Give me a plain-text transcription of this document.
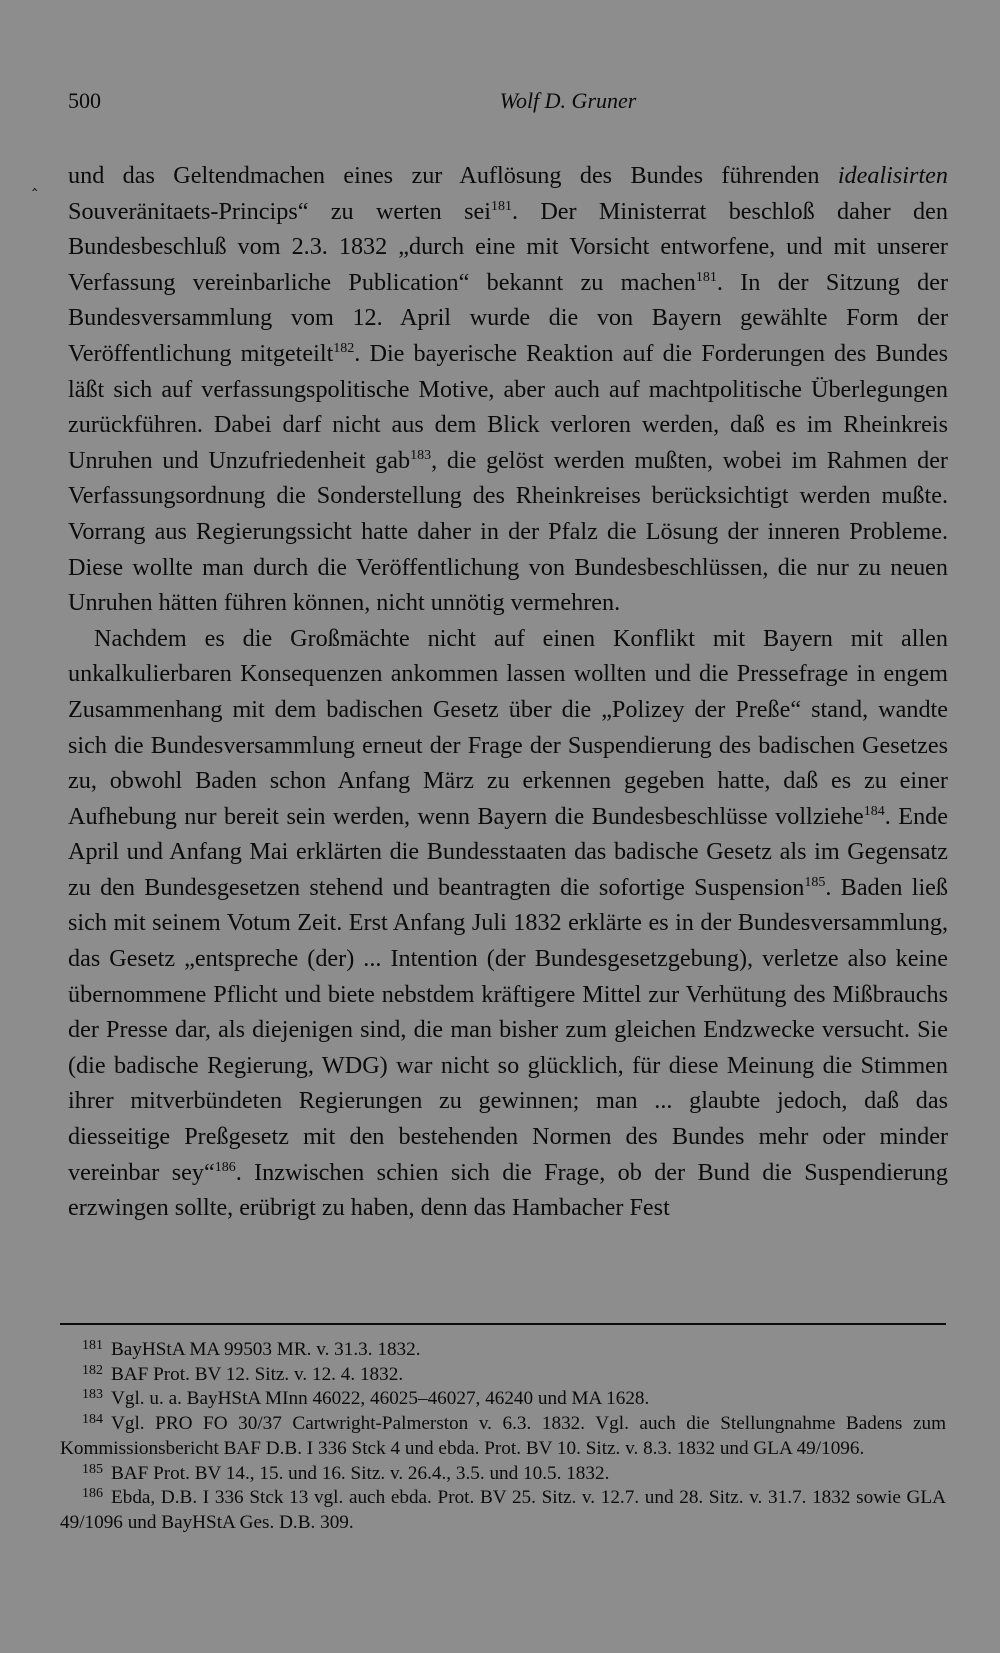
500	Wolf D. Gruner
‸ und das Geltendmachen eines zur Auflösung des Bundes führenden idealisirten Souveränitaets-Princips“ zu werten sei$^{181}$. Der Ministerrat beschloß daher den Bundesbeschluß vom 2.3. 1832 „durch eine mit Vorsicht entworfene, und mit unserer Verfassung vereinbarliche Publication“ bekannt zu machen$^{181}$. In der Sitzung der Bundesversammlung vom 12. April wurde die von Bayern gewählte Form der Veröffentlichung mitgeteilt$^{182}$. Die bayerische Reaktion auf die Forderungen des Bundes läßt sich auf verfassungspolitische Motive, aber auch auf machtpolitische Überlegungen zurückführen. Dabei darf nicht aus dem Blick verloren werden, daß es im Rheinkreis Unruhen und Unzufriedenheit gab$^{183}$, die gelöst werden mußten, wobei im Rahmen der Verfassungsordnung die Sonderstellung des Rheinkreises berücksichtigt werden mußte. Vorrang aus Regierungssicht hatte daher in der Pfalz die Lösung der inneren Probleme. Diese wollte man durch die Veröffentlichung von Bundesbeschlüssen, die nur zu neuen Unruhen hätten führen können, nicht unnötig vermehren.

Nachdem es die Großmächte nicht auf einen Konflikt mit Bayern mit allen unkalkulierbaren Konsequenzen ankommen lassen wollten und die Pressefrage in engem Zusammenhang mit dem badischen Gesetz über die „Polizey der Preße“ stand, wandte sich die Bundesversammlung erneut der Frage der Suspendierung des badischen Gesetzes zu, obwohl Baden schon Anfang März zu erkennen gegeben hatte, daß es zu einer Aufhebung nur bereit sein werden, wenn Bayern die Bundesbeschlüsse vollziehe$^{184}$. Ende April und Anfang Mai erklärten die Bundesstaaten das badische Gesetz als im Gegensatz zu den Bundesgesetzen stehend und beantragten die sofortige Suspension$^{185}$. Baden ließ sich mit seinem Votum Zeit. Erst Anfang Juli 1832 erklärte es in der Bundesversammlung, das Gesetz „entspreche (der) ... Intention (der Bundesgesetzgebung), verletze also keine übernommene Pflicht und biete nebstdem kräftigere Mittel zur Verhütung des Mißbrauchs der Presse dar, als diejenigen sind, die man bisher zum gleichen Endzwecke versucht. Sie (die badische Regierung, WDG) war nicht so glücklich, für diese Meinung die Stimmen ihrer mitverbündeten Regierungen zu gewinnen; man ... glaubte jedoch, daß das diesseitige Preßgesetz mit den bestehenden Normen des Bundes mehr oder minder vereinbar sey“$^{186}$. Inzwischen schien sich die Frage, ob der Bund die Suspendierung erzwingen sollte, erübrigt zu haben, denn das Hambacher Fest

$^{181}$ BayHStA MA 99503 MR. v. 31.3. 1832.

$^{182}$ BAF Prot. BV 12. Sitz. v. 12. 4. 1832.

$^{183}$ Vgl. u. a. BayHStA MInn 46022, 46025–46027, 46240 und MA 1628.

$^{184}$ Vgl. PRO FO 30/37 Cartwright-Palmerston v. 6.3. 1832. Vgl. auch die Stellungnahme Badens zum Kommissionsbericht BAF D.B. I 336 Stck 4 und ebda. Prot. BV 10. Sitz. v. 8.3. 1832 und GLA 49/1096.

$^{185}$ BAF Prot. BV 14., 15. und 16. Sitz. v. 26.4., 3.5. und 10.5. 1832.

$^{186}$ Ebda, D.B. I 336 Stck 13 vgl. auch ebda. Prot. BV 25. Sitz. v. 12.7. und 28. Sitz. v. 31.7. 1832 sowie GLA 49/1096 und BayHStA Ges. D.B. 309.
